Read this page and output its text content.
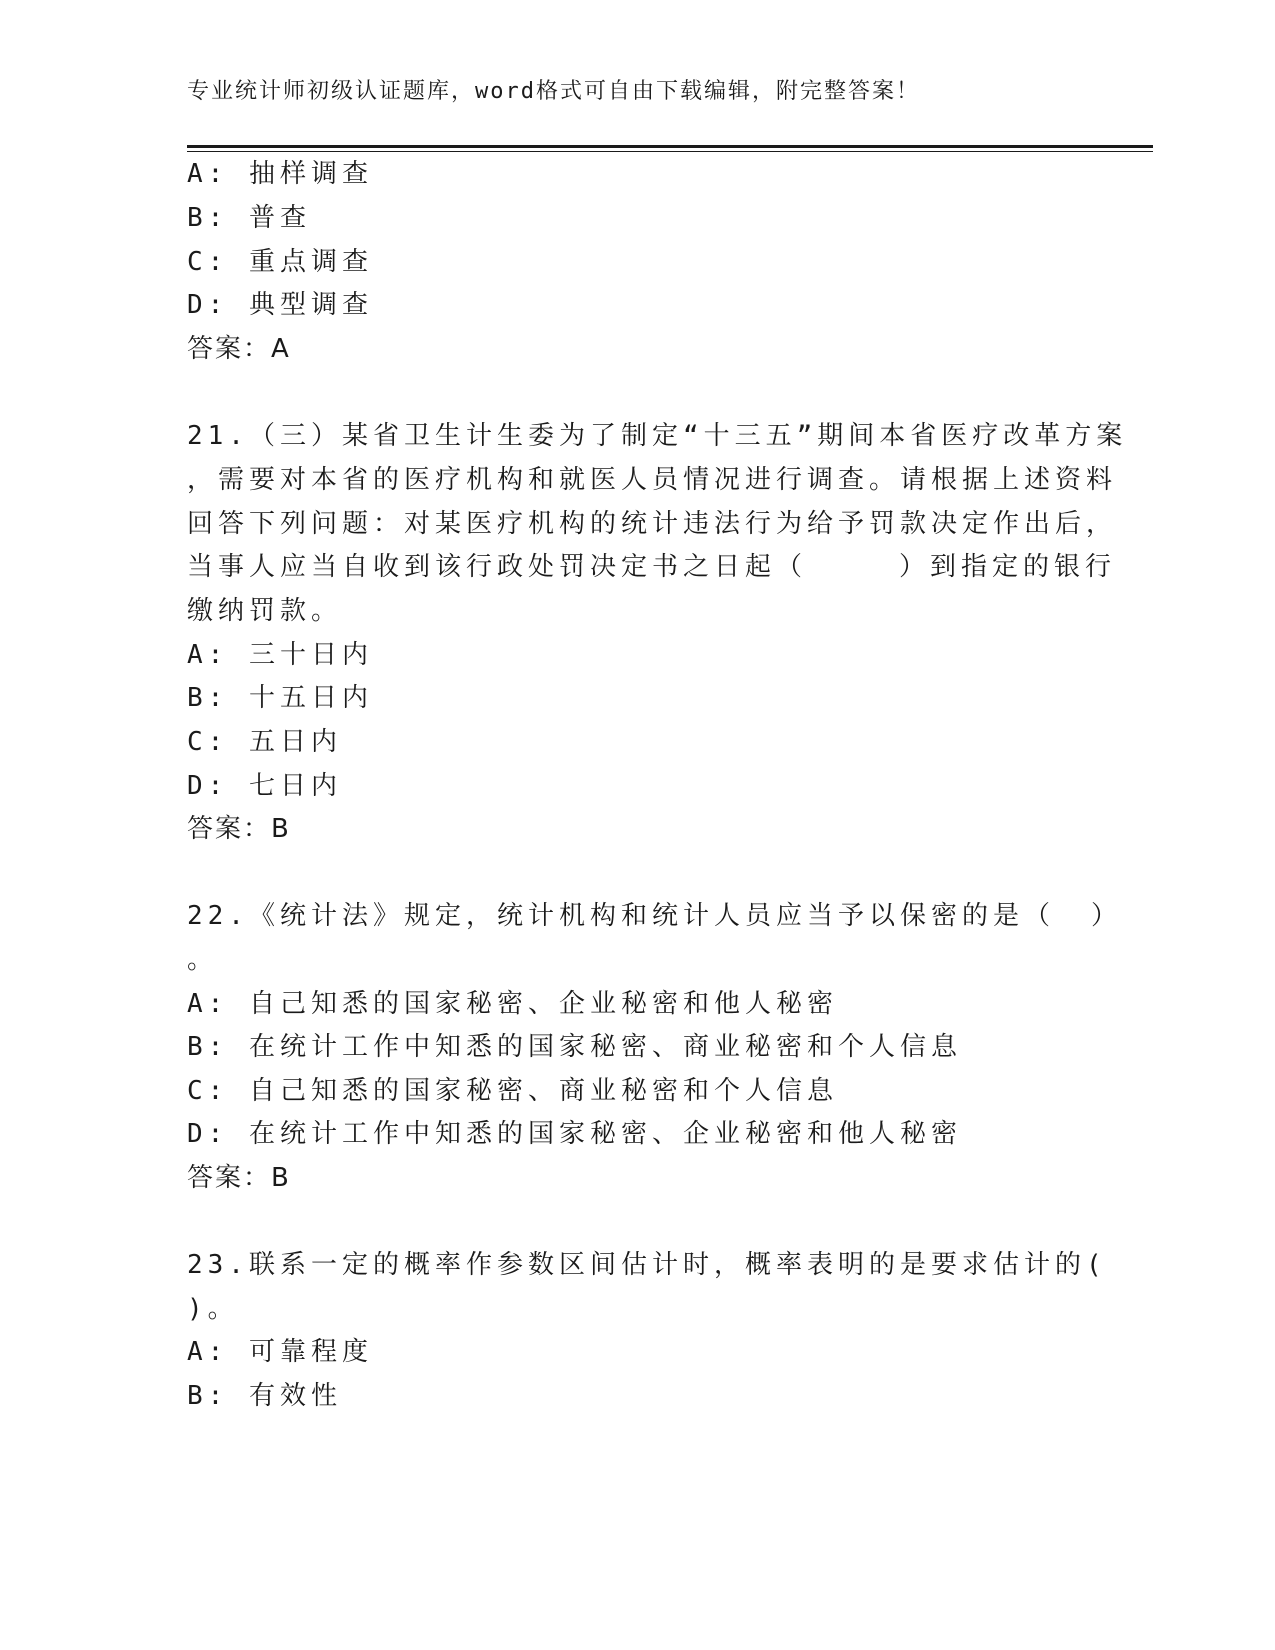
专业统计师初级认证题库，word格式可自由下载编辑，附完整答案！
A: 抽样调查
B: 普查
C: 重点调查
D: 典型调查
答案：A
21.（三）某省卫生计生委为了制定“十三五”期间本省医疗改革方案
，需要对本省的医疗机构和就医人员情况进行调查。请根据上述资料
回答下列问题：对某医疗机构的统计违法行为给予罚款决定作出后，
当事人应当自收到该行政处罚决定书之日起（	）到指定的银行
缴纳罚款。
A: 三十日内
B: 十五日内
C: 五日内
D: 七日内
答案：B
22.《统计法》规定，统计机构和统计人员应当予以保密的是（ ）
。
A: 自己知悉的国家秘密、企业秘密和他人秘密
B: 在统计工作中知悉的国家秘密、商业秘密和个人信息
C: 自己知悉的国家秘密、商业秘密和个人信息
D: 在统计工作中知悉的国家秘密、企业秘密和他人秘密
答案：B
23.联系一定的概率作参数区间估计时，概率表明的是要求估计的(
)。
A: 可靠程度
B: 有效性
